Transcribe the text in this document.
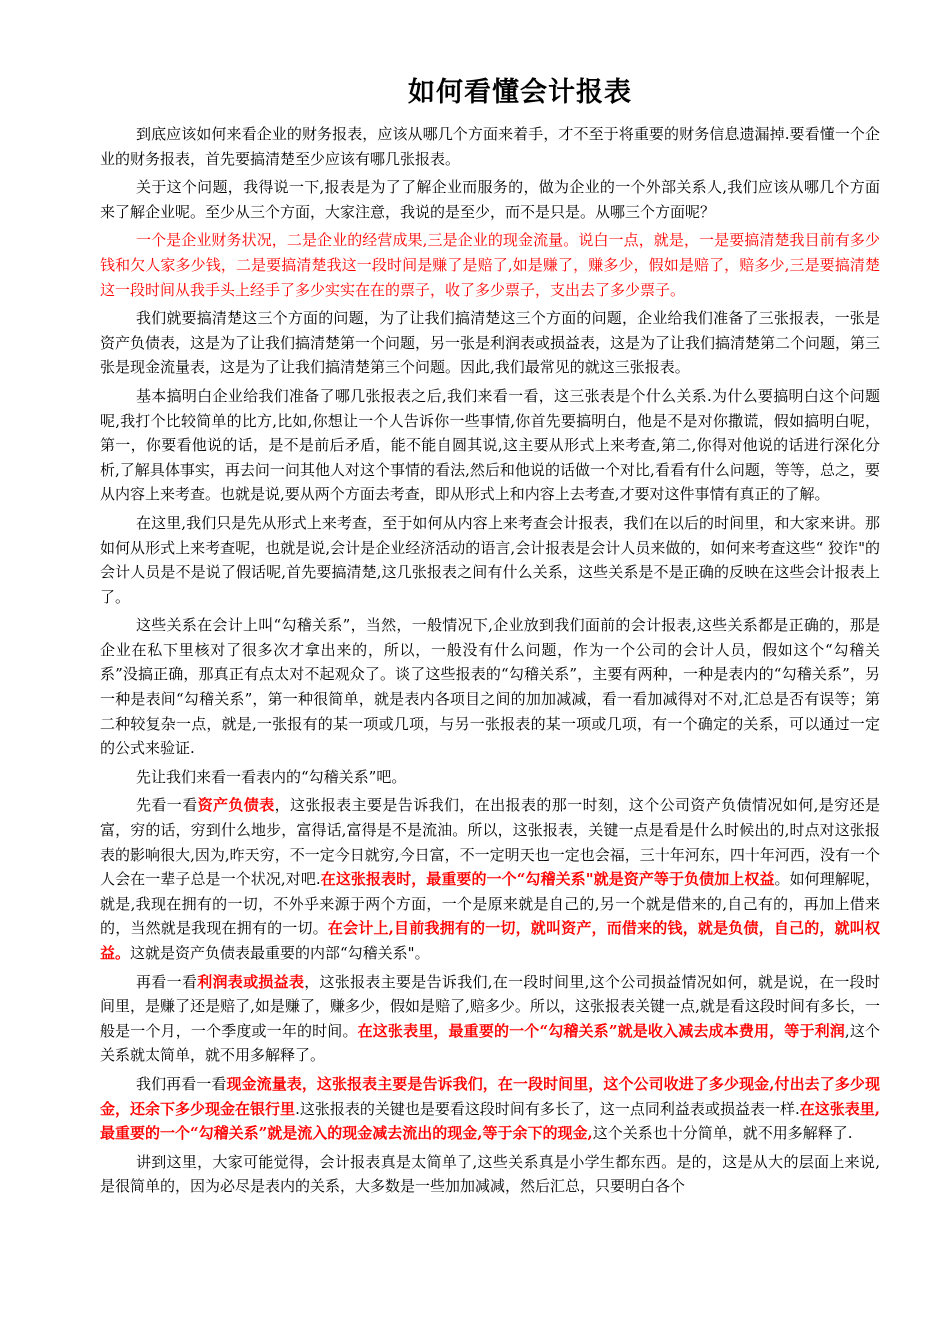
如何看懂会计报表

到底应该如何来看企业的财务报表，应该从哪几个方面来着手，才不至于将重要的财务信息遗漏掉.要看懂一个企业的财务报表，首先要搞清楚至少应该有哪几张报表。

关于这个问题，我得说一下,报表是为了了解企业而服务的，做为企业的一个外部关系人,我们应该从哪几个方面来了解企业呢。至少从三个方面，大家注意，我说的是至少，而不是只是。从哪三个方面呢？

一个是企业财务状况，二是企业的经营成果,三是企业的现金流量。说白一点，就是，一是要搞清楚我目前有多少钱和欠人家多少钱，二是要搞清楚我这一段时间是赚了是赔了,如是赚了，赚多少，假如是赔了，赔多少,三是要搞清楚这一段时间从我手头上经手了多少实实在在的票子，收了多少票子，支出去了多少票子。

我们就要搞清楚这三个方面的问题，为了让我们搞清楚这三个方面的问题，企业给我们准备了三张报表，一张是资产负债表，这是为了让我们搞清楚第一个问题，另一张是利润表或损益表，这是为了让我们搞清楚第二个问题，第三张是现金流量表，这是为了让我们搞清楚第三个问题。因此,我们最常见的就这三张报表。

基本搞明白企业给我们准备了哪几张报表之后,我们来看一看，这三张表是个什么关系.为什么要搞明白这个问题呢,我打个比较简单的比方,比如,你想让一个人告诉你一些事情,你首先要搞明白，他是不是对你撒谎，假如搞明白呢，第一，你要看他说的话，是不是前后矛盾，能不能自圆其说,这主要从形式上来考查,第二,你得对他说的话进行深化分析,了解具体事实，再去问一问其他人对这个事情的看法,然后和他说的话做一个对比,看看有什么问题，等等，总之，要从内容上来考查。也就是说,要从两个方面去考查，即从形式上和内容上去考查,才要对这件事情有真正的了解。

在这里,我们只是先从形式上来考查，至于如何从内容上来考查会计报表，我们在以后的时间里，和大家来讲。那如何从形式上来考查呢，也就是说,会计是企业经济活动的语言,会计报表是会计人员来做的，如何来考查这些“ 狡诈"的会计人员是不是说了假话呢,首先要搞清楚,这几张报表之间有什么关系，这些关系是不是正确的反映在这些会计报表上了。

这些关系在会计上叫“勾稽关系”，当然，一般情况下,企业放到我们面前的会计报表,这些关系都是正确的，那是企业在私下里核对了很多次才拿出来的，所以，一般没有什么问题，作为一个公司的会计人员，假如这个“勾稽关系”没搞正确，那真正有点太对不起观众了。谈了这些报表的“勾稽关系”，主要有两种，一种是表内的“勾稽关系”，另一种是表间“勾稽关系”，第一种很简单，就是表内各项目之间的加加减减，看一看加减得对不对,汇总是否有误等；第二种较复杂一点，就是,一张报有的某一项或几项，与另一张报表的某一项或几项，有一个确定的关系，可以通过一定的公式来验证.

先让我们来看一看表内的“勾稽关系”吧。

先看一看资产负债表，这张报表主要是告诉我们，在出报表的那一时刻，这个公司资产负债情况如何,是穷还是富，穷的话，穷到什么地步，富得话,富得是不是流油。所以，这张报表，关键一点是看是什么时候出的,时点对这张报表的影响很大,因为,昨天穷，不一定今日就穷,今日富，不一定明天也一定也会福，三十年河东，四十年河西，没有一个人会在一辈子总是一个状况,对吧.在这张报表时，最重要的一个“勾稽关系"就是资产等于负债加上权益。如何理解呢，就是,我现在拥有的一切，不外乎来源于两个方面，一个是原来就是自己的,另一个就是借来的,自己有的，再加上借来的，当然就是我现在拥有的一切。在会计上,目前我拥有的一切，就叫资产，而借来的钱，就是负债，自己的，就叫权益。这就是资产负债表最重要的内部“勾稽关系"。

再看一看利润表或损益表，这张报表主要是告诉我们,在一段时间里,这个公司损益情况如何，就是说，在一段时间里，是赚了还是赔了,如是赚了，赚多少，假如是赔了,赔多少。所以，这张报表关键一点,就是看这段时间有多长，一般是一个月，一个季度或一年的时间。在这张表里，最重要的一个“勾稽关系”就是收入减去成本费用，等于利润,这个关系就太简单，就不用多解释了。

我们再看一看现金流量表，这张报表主要是告诉我们，在一段时间里，这个公司收进了多少现金,付出去了多少现金，还余下多少现金在银行里.这张报表的关键也是要看这段时间有多长了，这一点同利益表或损益表一样.在这张表里,最重要的一个“勾稽关系”就是流入的现金减去流出的现金,等于余下的现金,这个关系也十分简单，就不用多解释了.

讲到这里，大家可能觉得，会计报表真是太简单了,这些关系真是小学生都东西。是的，这是从大的层面上来说,是很简单的，因为必尽是表内的关系，大多数是一些加加减减，然后汇总，只要明白各个
